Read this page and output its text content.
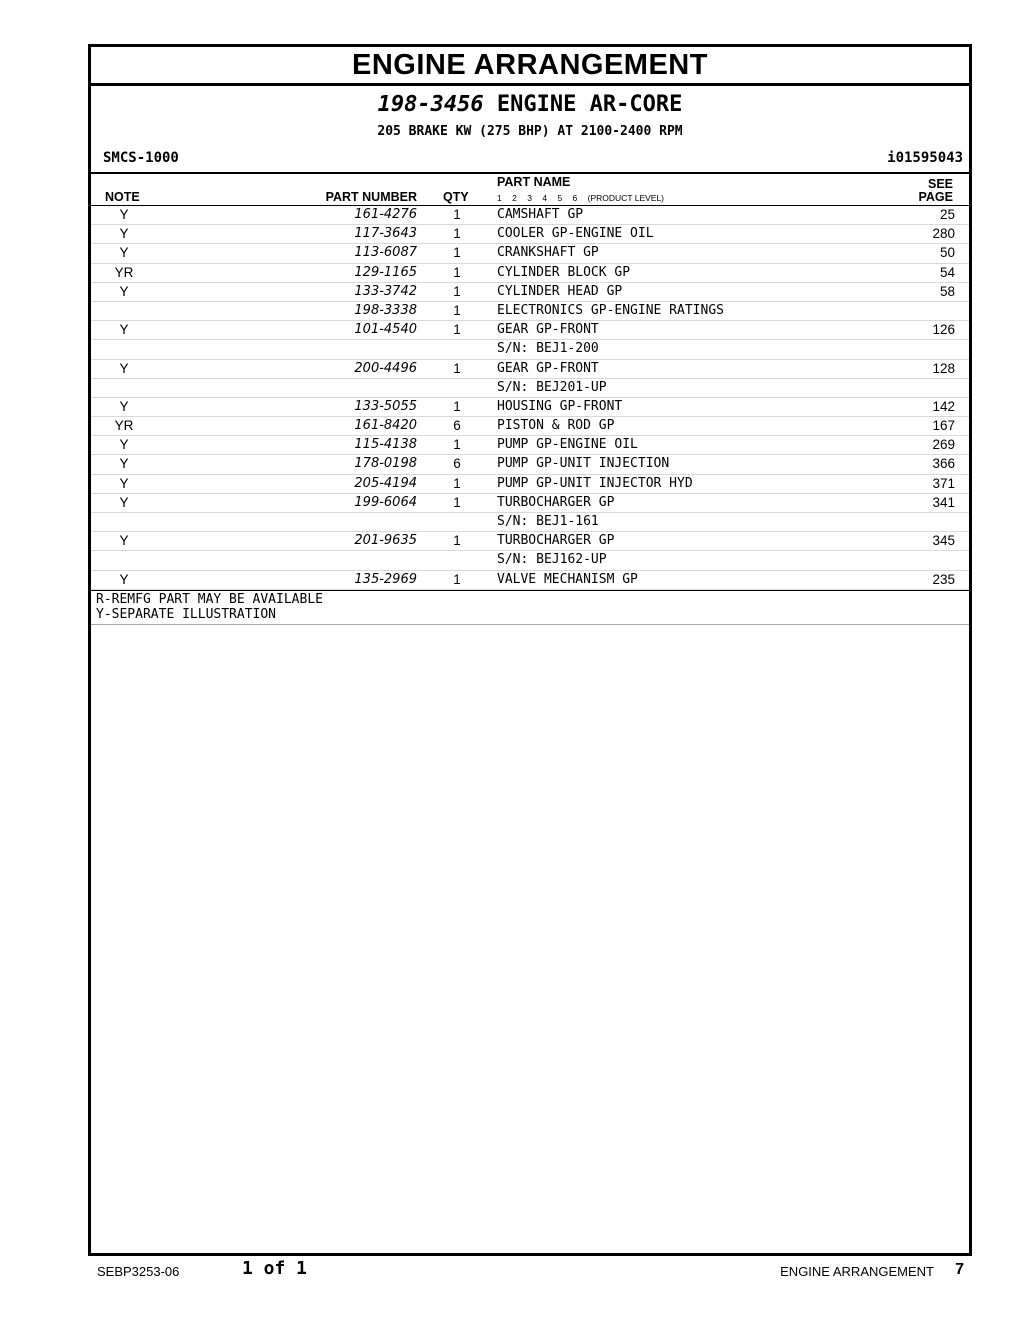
ENGINE ARRANGEMENT
198-3456 ENGINE AR-CORE
205 BRAKE KW (275 BHP) AT 2100-2400 RPM
SMCS-1000	i01595043
NOTE	PART NUMBER QTY
PART NAME
1 2 3 4 5 6 (PRODUCT LEVEL)
SEE
PAGE
Y	161-4276	1	CAMSHAFT GP	25
Y	117-3643	1	COOLER GP-ENGINE OIL	280
Y	113-6087	1	CRANKSHAFT GP	50
YR	129-1165	1	CYLINDER BLOCK GP	54
Y	133-3742	1	CYLINDER HEAD GP	58
198-3338	1	ELECTRONICS GP-ENGINE RATINGS
Y	101-4540	1	GEAR GP-FRONT	126
S/N: BEJ1-200
Y	200-4496	1	GEAR GP-FRONT	128
S/N: BEJ201-UP
Y	133-5055	1	HOUSING GP-FRONT	142
YR	161-8420	6	PISTON & ROD GP	167
Y	115-4138	1	PUMP GP-ENGINE OIL	269
Y	178-0198	6	PUMP GP-UNIT INJECTION	366
Y	205-4194	1	PUMP GP-UNIT INJECTOR HYD	371
Y	199-6064	1	TURBOCHARGER GP	341
S/N: BEJ1-161
Y	201-9635	1	TURBOCHARGER GP	345
S/N: BEJ162-UP
Y	135-2969	1	VALVE MECHANISM GP	235
R-REMFG PART MAY BE AVAILABLE
Y-SEPARATE ILLUSTRATION
SEBP3253-06	1 of 1	ENGINE ARRANGEMENT 7
